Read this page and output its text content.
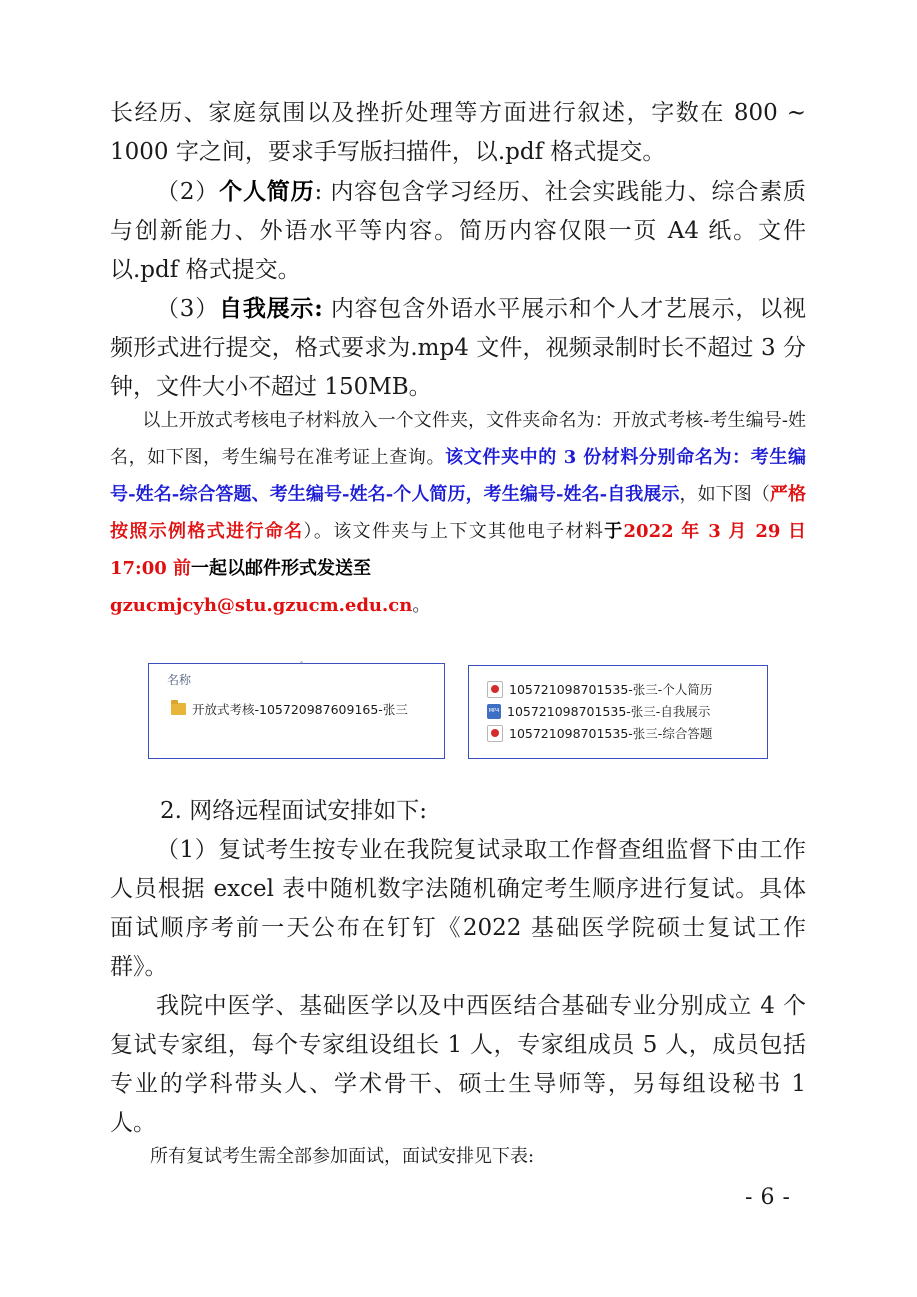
长经历、家庭氛围以及挫折处理等方面进行叙述，字数在 800 ~ 1000 字之间，要求手写版扫描件，以.pdf 格式提交。

（2）个人简历: 内容包含学习经历、社会实践能力、综合素质与创新能力、外语水平等内容。简历内容仅限一页 A4 纸。文件以.pdf 格式提交。

（3）自我展示: 内容包含外语水平展示和个人才艺展示，以视频形式进行提交，格式要求为.mp4 文件，视频录制时长不超过 3 分钟，文件大小不超过 150MB。

以上开放式考核电子材料放入一个文件夹，文件夹命名为：开放式考核-考生编号-姓名，如下图，考生编号在准考证上查询。该文件夹中的 3 份材料分别命名为：考生编号-姓名-综合答题、考生编号-姓名-个人简历，考生编号-姓名-自我展示，如下图（严格按照示例格式进行命名）。该文件夹与上下文其他电子材料于2022 年 3 月 29 日 17:00 前一起以邮件形式发送至
gzucmjcyh@stu.gzucm.edu.cn。

˄
名称
开放式考核-105720987609165-张三
105721098701535-张三-个人简历
MP4
105721098701535-张三-自我展示
105721098701535-张三-综合答题

2. 网络远程面试安排如下:

（1）复试考生按专业在我院复试录取工作督查组监督下由工作人员根据 excel 表中随机数字法随机确定考生顺序进行复试。具体面试顺序考前一天公布在钉钉《2022 基础医学院硕士复试工作群》。

我院中医学、基础医学以及中西医结合基础专业分别成立 4 个复试专家组，每个专家组设组长 1 人，专家组成员 5 人，成员包括专业的学科带头人、学术骨干、硕士生导师等，另每组设秘书 1 人。

所有复试考生需全部参加面试，面试安排见下表:

-6-
